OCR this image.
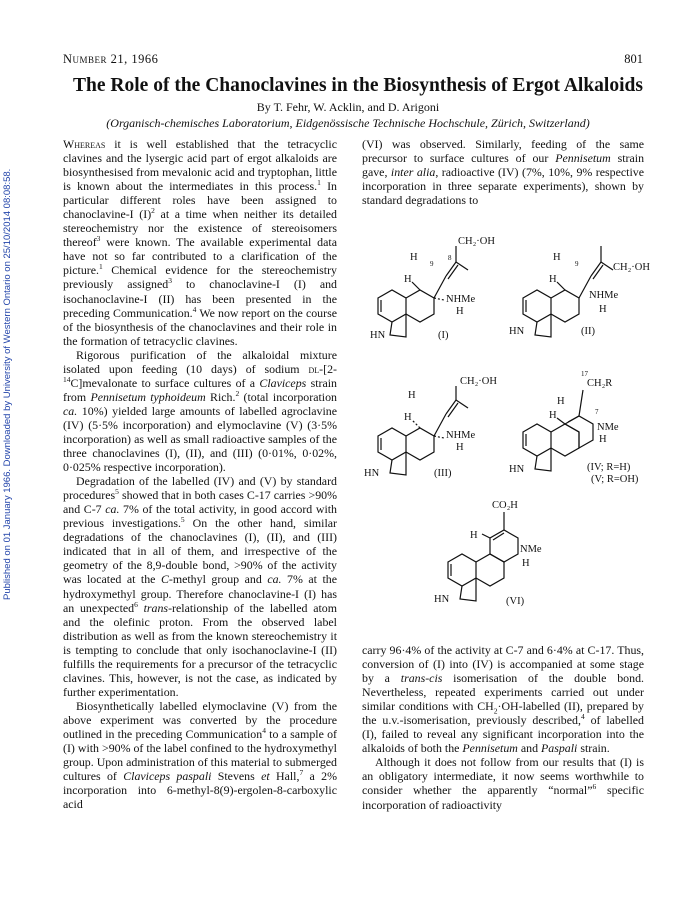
Published on 01 January 1966. Downloaded by University of Western Ontario on 25/10/2014 08:08:58.
Number 21, 1966	801
The Role of the Chanoclavines in the Biosynthesis of Ergot Alkaloids
By T. Fehr, W. Acklin, and D. Arigoni
(Organisch-chemisches Laboratorium, Eidgenössische Technische Hochschule, Zürich, Switzerland)

Whereas it is well established that the tetracyclic clavines and the lysergic acid part of ergot alkaloids are biosynthesised from mevalonic acid and tryptophan, little is known about the intermediates in this process.$^1$ In particular different roles have been assigned to chanoclavine-I $(I)^2$ at a time when neither its detailed stereochemistry nor the existence of stereoisomers thereof$^3$ were known. The available experimental data have not so far contributed to a clarification of the picture.$^1$ Chemical evidence for the stereochemistry previously assigned$^3$ to chanoclavine-I (I) and isochanoclavine-I (II) has been presented in the preceding Communication.$^4$ We now report on the course of the biosynthesis of the chanoclavines and their role in the formation of tetracyclic clavines.

Rigorous purification of the alkaloidal mixture isolated upon feeding (10 days) of sodium dl-[2-$^{14}$C]mevalonate to surface cultures of a Claviceps strain from Pennisetum typhoideum Rich.$^2$ (total incorporation ca. 10%) yielded large amounts of labelled agroclavine (IV) (5·5% incorporation) and elymoclavine (V) (3·5% incorporation) as well as small radioactive samples of the three chanoclavines (I), (II), and (III) (0·01%, 0·02%, 0·025% respective incorporation).

Degradation of the labelled (IV) and (V) by standard procedures$^5$ showed that in both cases C-17 carries >90% and C-7 ca. 7% of the total activity, in good accord with previous investigations.$^5$ On the other hand, similar degradations of the chanoclavines (I), (II), and (III) indicated that in all of them, and irrespective of the geometry of the 8,9-double bond, >90% of the activity was located at the C-methyl group and ca. 7% at the hydroxymethyl group. Therefore chanoclavine-I (I) has an unexpected$^6$ trans-relationship of the labelled atom and the olefinic proton. From the observed label distribution as well as from the known stereochemistry it is tempting to conclude that only isochanoclavine-I (II) fulfills the requirements for a precursor of the tetracyclic clavines. This, however, is not the case, as indicated by further experimentation.

Biosynthetically labelled elymoclavine (V) from the above experiment was converted by the procedure outlined in the preceding Communication$^4$ to a sample of (I) with >90% of the label confined to the hydroxymethyl group. Upon administration of this material to submerged cultures of Claviceps paspali Stevens et Hall,$^7$ a 2% incorporation into 6-methyl-8(9)-ergolen-8-carboxylic acid

(VI) was observed. Similarly, feeding of the same precursor to surface cultures of our Pennisetum strain gave, inter alia, radioactive (IV) (7%, 10%, 9% respective incorporation in three separate experiments), shown by standard degradations to

carry 96·4% of the activity at C-7 and 6·4% at C-17. Thus, conversion of (I) into (IV) is accompanied at some stage by a trans-cis isomerisation of the double bond. Nevertheless, repeated experiments carried out under similar conditions with $CH_2\cdot OH$-labelled (II), prepared by the u.v.-isomerisation, previously described,$^4$ of labelled (I), failed to reveal any significant incorporation into the alkaloids of both the Pennisetum and Paspali strain.

Although it does not follow from our results that (I) is an obligatory intermediate, it now seems worthwhile to consider whether the apparently “normal”$^6$ specific incorporation of radioactivity

CH₂·OH
H
9
8
H
NHMe
H
HN	(I)
H
9	CH₂·OH
H
NHMe
H
HN	(II)
CH₂·OH
H
H
NHMe
H
HN	(III)
17
CH₂R
H
7
H
NMe
H
HN	(IV; R=H)
(V; R=OH)
CO₂H
H
NMe
H
HN	(VI)
